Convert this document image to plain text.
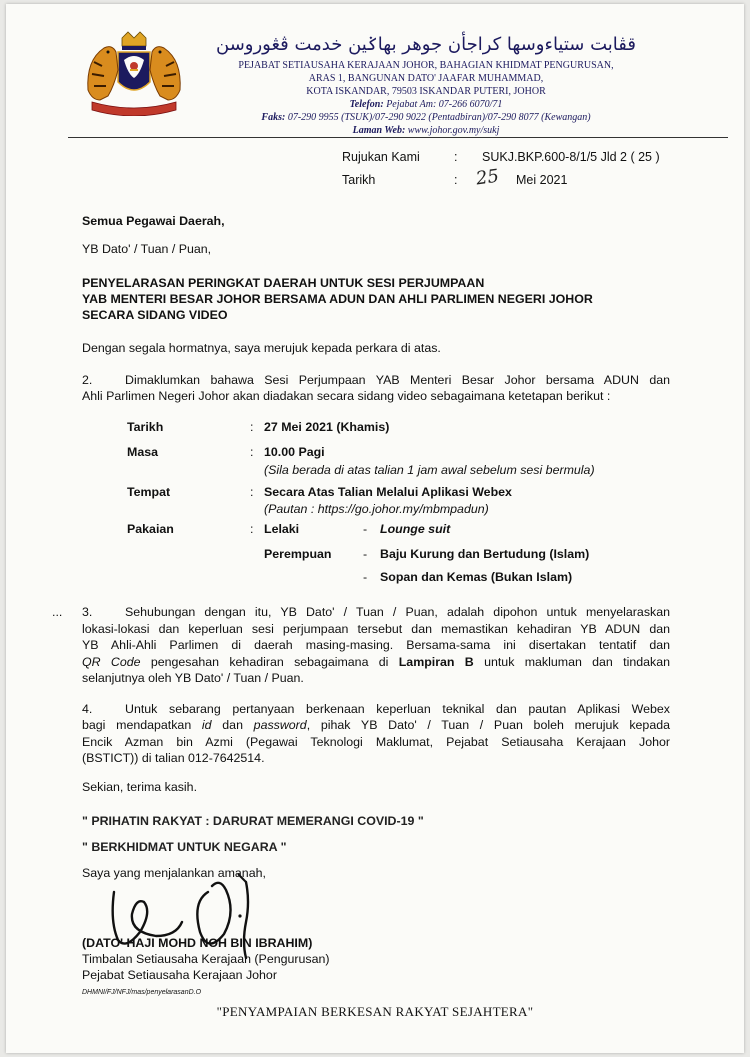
قڤابت ستياءوسها كراجأن جوهر بهاݢين خدمت ڤڠوروسن
PEJABAT SETIAUSAHA KERAJAAN JOHOR, BAHAGIAN KHIDMAT PENGURUSAN,
ARAS 1, BANGUNAN DATO' JAAFAR MUHAMMAD,
KOTA ISKANDAR, 79503 ISKANDAR PUTERI, JOHOR
Telefon: Pejabat Am: 07-266 6070/71
Faks: 07-290 9955 (TSUK)/07-290 9022 (Pentadbiran)/07-290 8077 (Kewangan)
Laman Web: www.johor.gov.my/sukj
Rujukan Kami	: SUKJ.BKP.600-8/1/5 Jld 2 ( 25 )
Tarikh	: 25 Mei 2021
Semua Pegawai Daerah,
YB Dato' / Tuan / Puan,
PENYELARASAN PERINGKAT DAERAH UNTUK SESI PERJUMPAAN
YAB MENTERI BESAR JOHOR BERSAMA ADUN DAN AHLI PARLIMEN NEGERI JOHOR
SECARA SIDANG VIDEO
Dengan segala hormatnya, saya merujuk kepada perkara di atas.
2.	Dimaklumkan bahawa Sesi Perjumpaan YAB Menteri Besar Johor bersama ADUN dan
Ahli Parlimen Negeri Johor akan diadakan secara sidang video sebagaimana ketetapan berikut :
Tarikh	: 27 Mei 2021 (Khamis)
Masa	: 10.00 Pagi
(Sila berada di atas talian 1 jam awal sebelum sesi bermula)
Tempat	: Secara Atas Talian Melalui Aplikasi Webex
(Pautan : https://go.johor.my/mbmpadun)
Pakaian	: Lelaki	- Lounge suit
Perempuan	- Baju Kurung dan Bertudung (Islam)
- Sopan dan Kemas (Bukan Islam)
... 3.	Sehubungan dengan itu, YB Dato' / Tuan / Puan, adalah dipohon untuk menyelaraskan
lokasi-lokasi dan keperluan sesi perjumpaan tersebut dan memastikan kehadiran YB ADUN dan
YB Ahli-Ahli Parlimen di daerah masing-masing. Bersama-sama ini disertakan tentatif dan
QR Code pengesahan kehadiran sebagaimana di Lampiran B untuk makluman dan tindakan
selanjutnya oleh YB Dato' / Tuan / Puan.
4.	Untuk sebarang pertanyaan berkenaan keperluan teknikal dan pautan Aplikasi Webex
bagi mendapatkan id dan password, pihak YB Dato' / Tuan / Puan boleh merujuk kepada
Encik Azman bin Azmi (Pegawai Teknologi Maklumat, Pejabat Setiausaha Kerajaan Johor
(BSTICT)) di talian 012-7642514.
Sekian, terima kasih.
" PRIHATIN RAKYAT : DARURAT MEMERANGI COVID-19 "
" BERKHIDMAT UNTUK NEGARA "
Saya yang menjalankan amanah,
(DATO' HAJI MOHD NOH BIN IBRAHIM)
Timbalan Setiausaha Kerajaan (Pengurusan)
Pejabat Setiausaha Kerajaan Johor
DHMNI/FJ/NFJ/mas/penyelarasanD.O
"PENYAMPAIAN BERKESAN RAKYAT SEJAHTERA"
